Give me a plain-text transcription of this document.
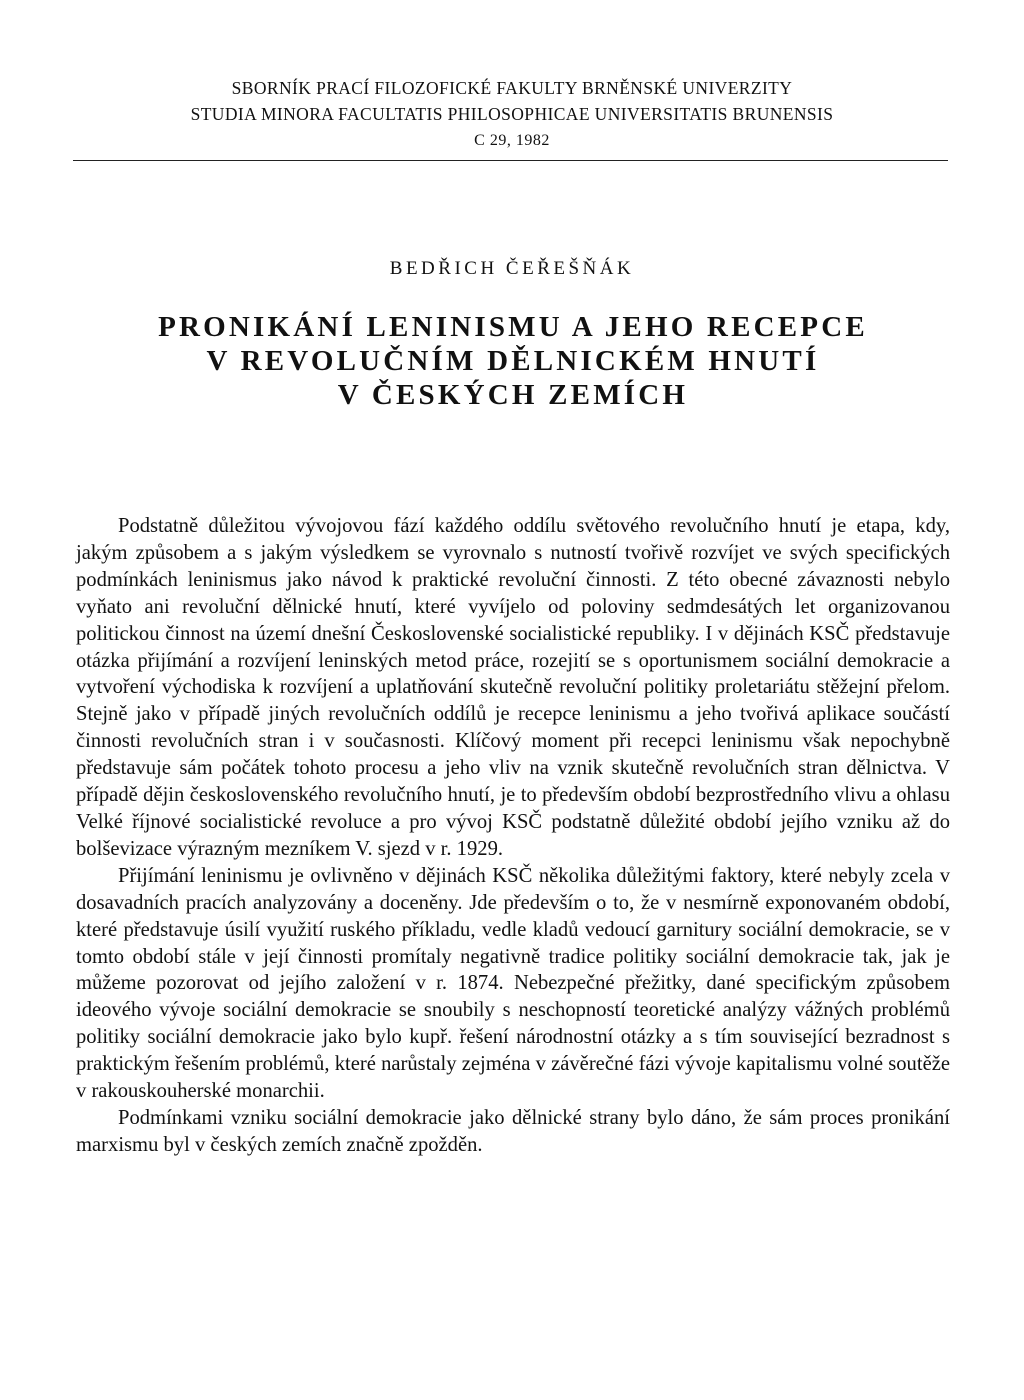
SBORNÍK PRACÍ FILOZOFICKÉ FAKULTY BRNĚNSKÉ UNIVERZITY
STUDIA MINORA FACULTATIS PHILOSOPHICAE UNIVERSITATIS BRUNENSIS
C 29, 1982
BEDŘICH ČEŘEŠŇÁK
PRONIKÁNÍ LENINISMU A JEHO RECEPCE
V REVOLUČNÍM DĚLNICKÉM HNUTÍ
V ČESKÝCH ZEMÍCH

Podstatně důležitou vývojovou fází každého oddílu světového revolučního hnutí je etapa, kdy, jakým způsobem a s jakým výsledkem se vyrovnalo s nutností tvořivě rozvíjet ve svých specifických podmínkách leninismus jako návod k praktické revoluční činnosti. Z této obecné závaznosti nebylo vyňato ani revoluční dělnické hnutí, které vyvíjelo od poloviny sedmdesátých let organizovanou politickou činnost na území dnešní Československé socialistické republiky. I v dějinách KSČ představuje otázka přijímání a rozvíjení leninských metod práce, rozejití se s oportunismem sociální demokracie a vytvoření východiska k rozvíjení a uplatňování skutečně revoluční politiky proletariátu stěžejní přelom. Stejně jako v případě jiných revolučních oddílů je recepce leninismu a jeho tvořivá aplikace součástí činnosti revolučních stran i v současnosti. Klíčový moment při recepci leninismu však nepochybně představuje sám počátek tohoto procesu a jeho vliv na vznik skutečně revolučních stran dělnictva. V případě dějin československého revolučního hnutí, je to především období bezprostředního vlivu a ohlasu Velké říjnové socialistické revoluce a pro vývoj KSČ podstatně důležité období jejího vzniku až do bolševizace výrazným mezníkem V. sjezd v r. 1929.

Přijímání leninismu je ovlivněno v dějinách KSČ několika důležitými faktory, které nebyly zcela v dosavadních pracích analyzovány a doceněny. Jde především o to, že v nesmírně exponovaném období, které představuje úsilí využití ruského příkladu, vedle kladů vedoucí garnitury sociální demokracie, se v tomto období stále v její činnosti promítaly negativně tradice politiky sociální demokracie tak, jak je můžeme pozorovat od jejího založení v r. 1874. Nebezpečné přežitky, dané specifickým způsobem ideového vývoje sociální demokracie se snoubily s neschopností teoretické analýzy vážných problémů politiky sociální demokracie jako bylo kupř. řešení národnostní otázky a s tím související bezradnost s praktickým řešením problémů, které narůstaly zejména v závěrečné fázi vývoje kapitalismu volné soutěže v rakouskouherské monarchii.

Podmínkami vzniku sociální demokracie jako dělnické strany bylo dáno, že sám proces pronikání marxismu byl v českých zemích značně zpožděn.
